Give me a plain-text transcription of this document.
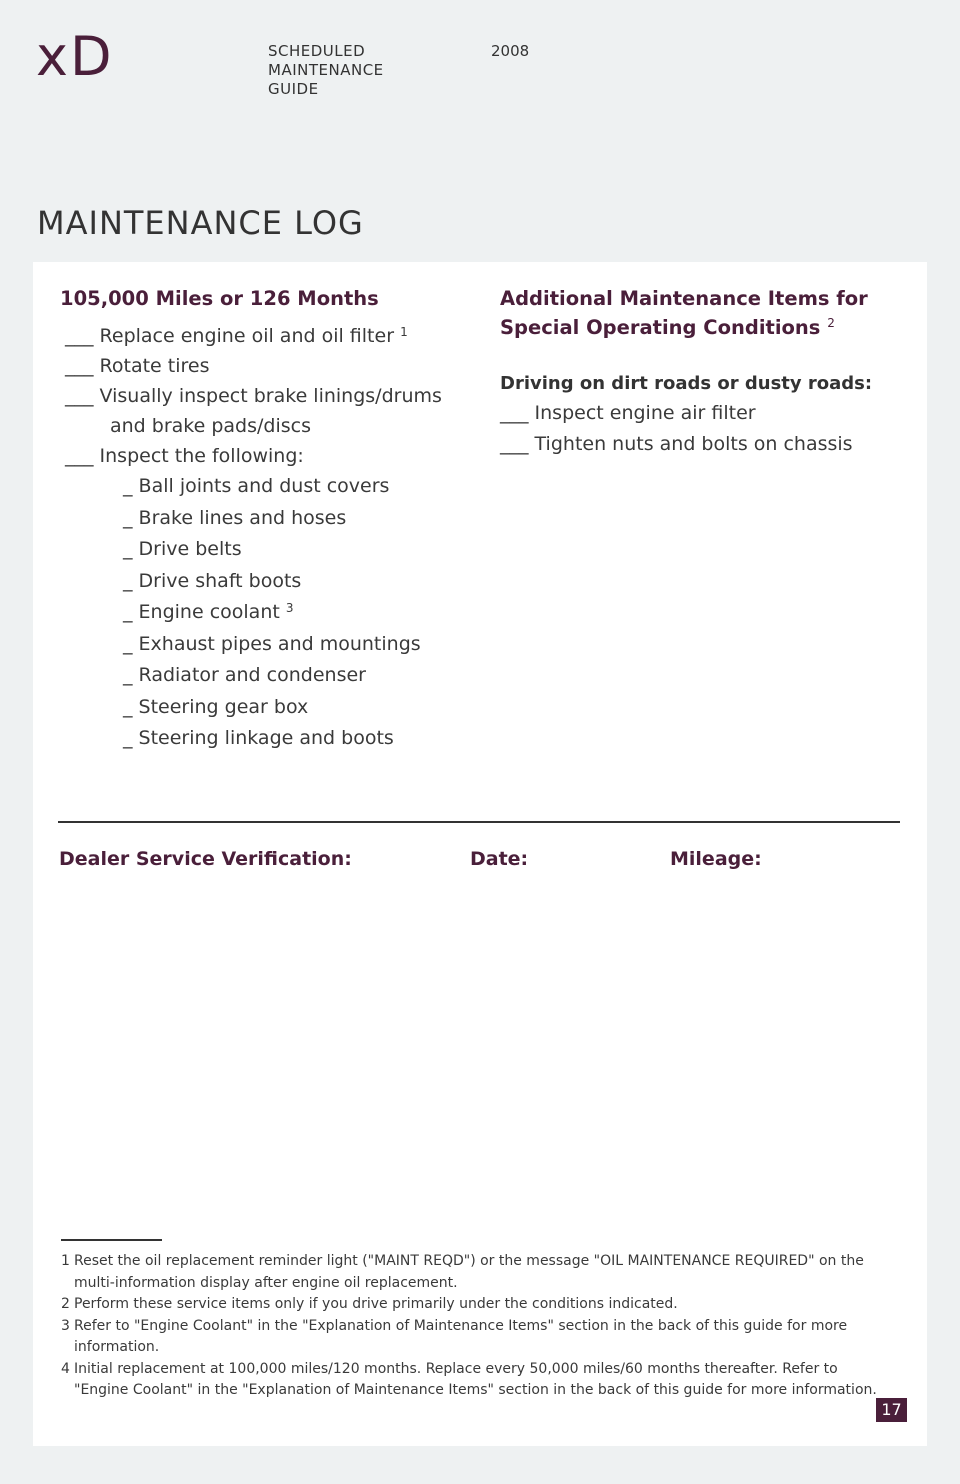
xD	SCHEDULED
MAINTENANCE
GUIDE
2008
MAINTENANCE LOG
105,000 Miles or 126 Months
___ Replace engine oil and oil filter $^1$
___ Rotate tires
___ Visually inspect brake linings/drums
and brake pads/discs
___ Inspect the following:
_ Ball joints and dust covers
_ Brake lines and hoses
_ Drive belts
_ Drive shaft boots
_ Engine coolant $^3$
_ Exhaust pipes and mountings
_ Radiator and condenser
_ Steering gear box
_ Steering linkage and boots
Additional Maintenance Items for
Special Operating Conditions $^2$
Driving on dirt roads or dusty roads:
___ Inspect engine air filter
___ Tighten nuts and bolts on chassis
Dealer Service Verification:	Date:	Mileage:
1 Reset the oil replacement reminder light ("MAINT REQD") or the message "OIL MAINTENANCE REQUIRED" on the multi-information display after engine oil replacement.
2 Perform these service items only if you drive primarily under the conditions indicated.
3 Refer to "Engine Coolant" in the "Explanation of Maintenance Items" section in the back of this guide for more information.
4 Initial replacement at 100,000 miles/120 months. Replace every 50,000 miles/60 months thereafter. Refer to "Engine Coolant" in the "Explanation of Maintenance Items" section in the back of this guide for more information.
17
